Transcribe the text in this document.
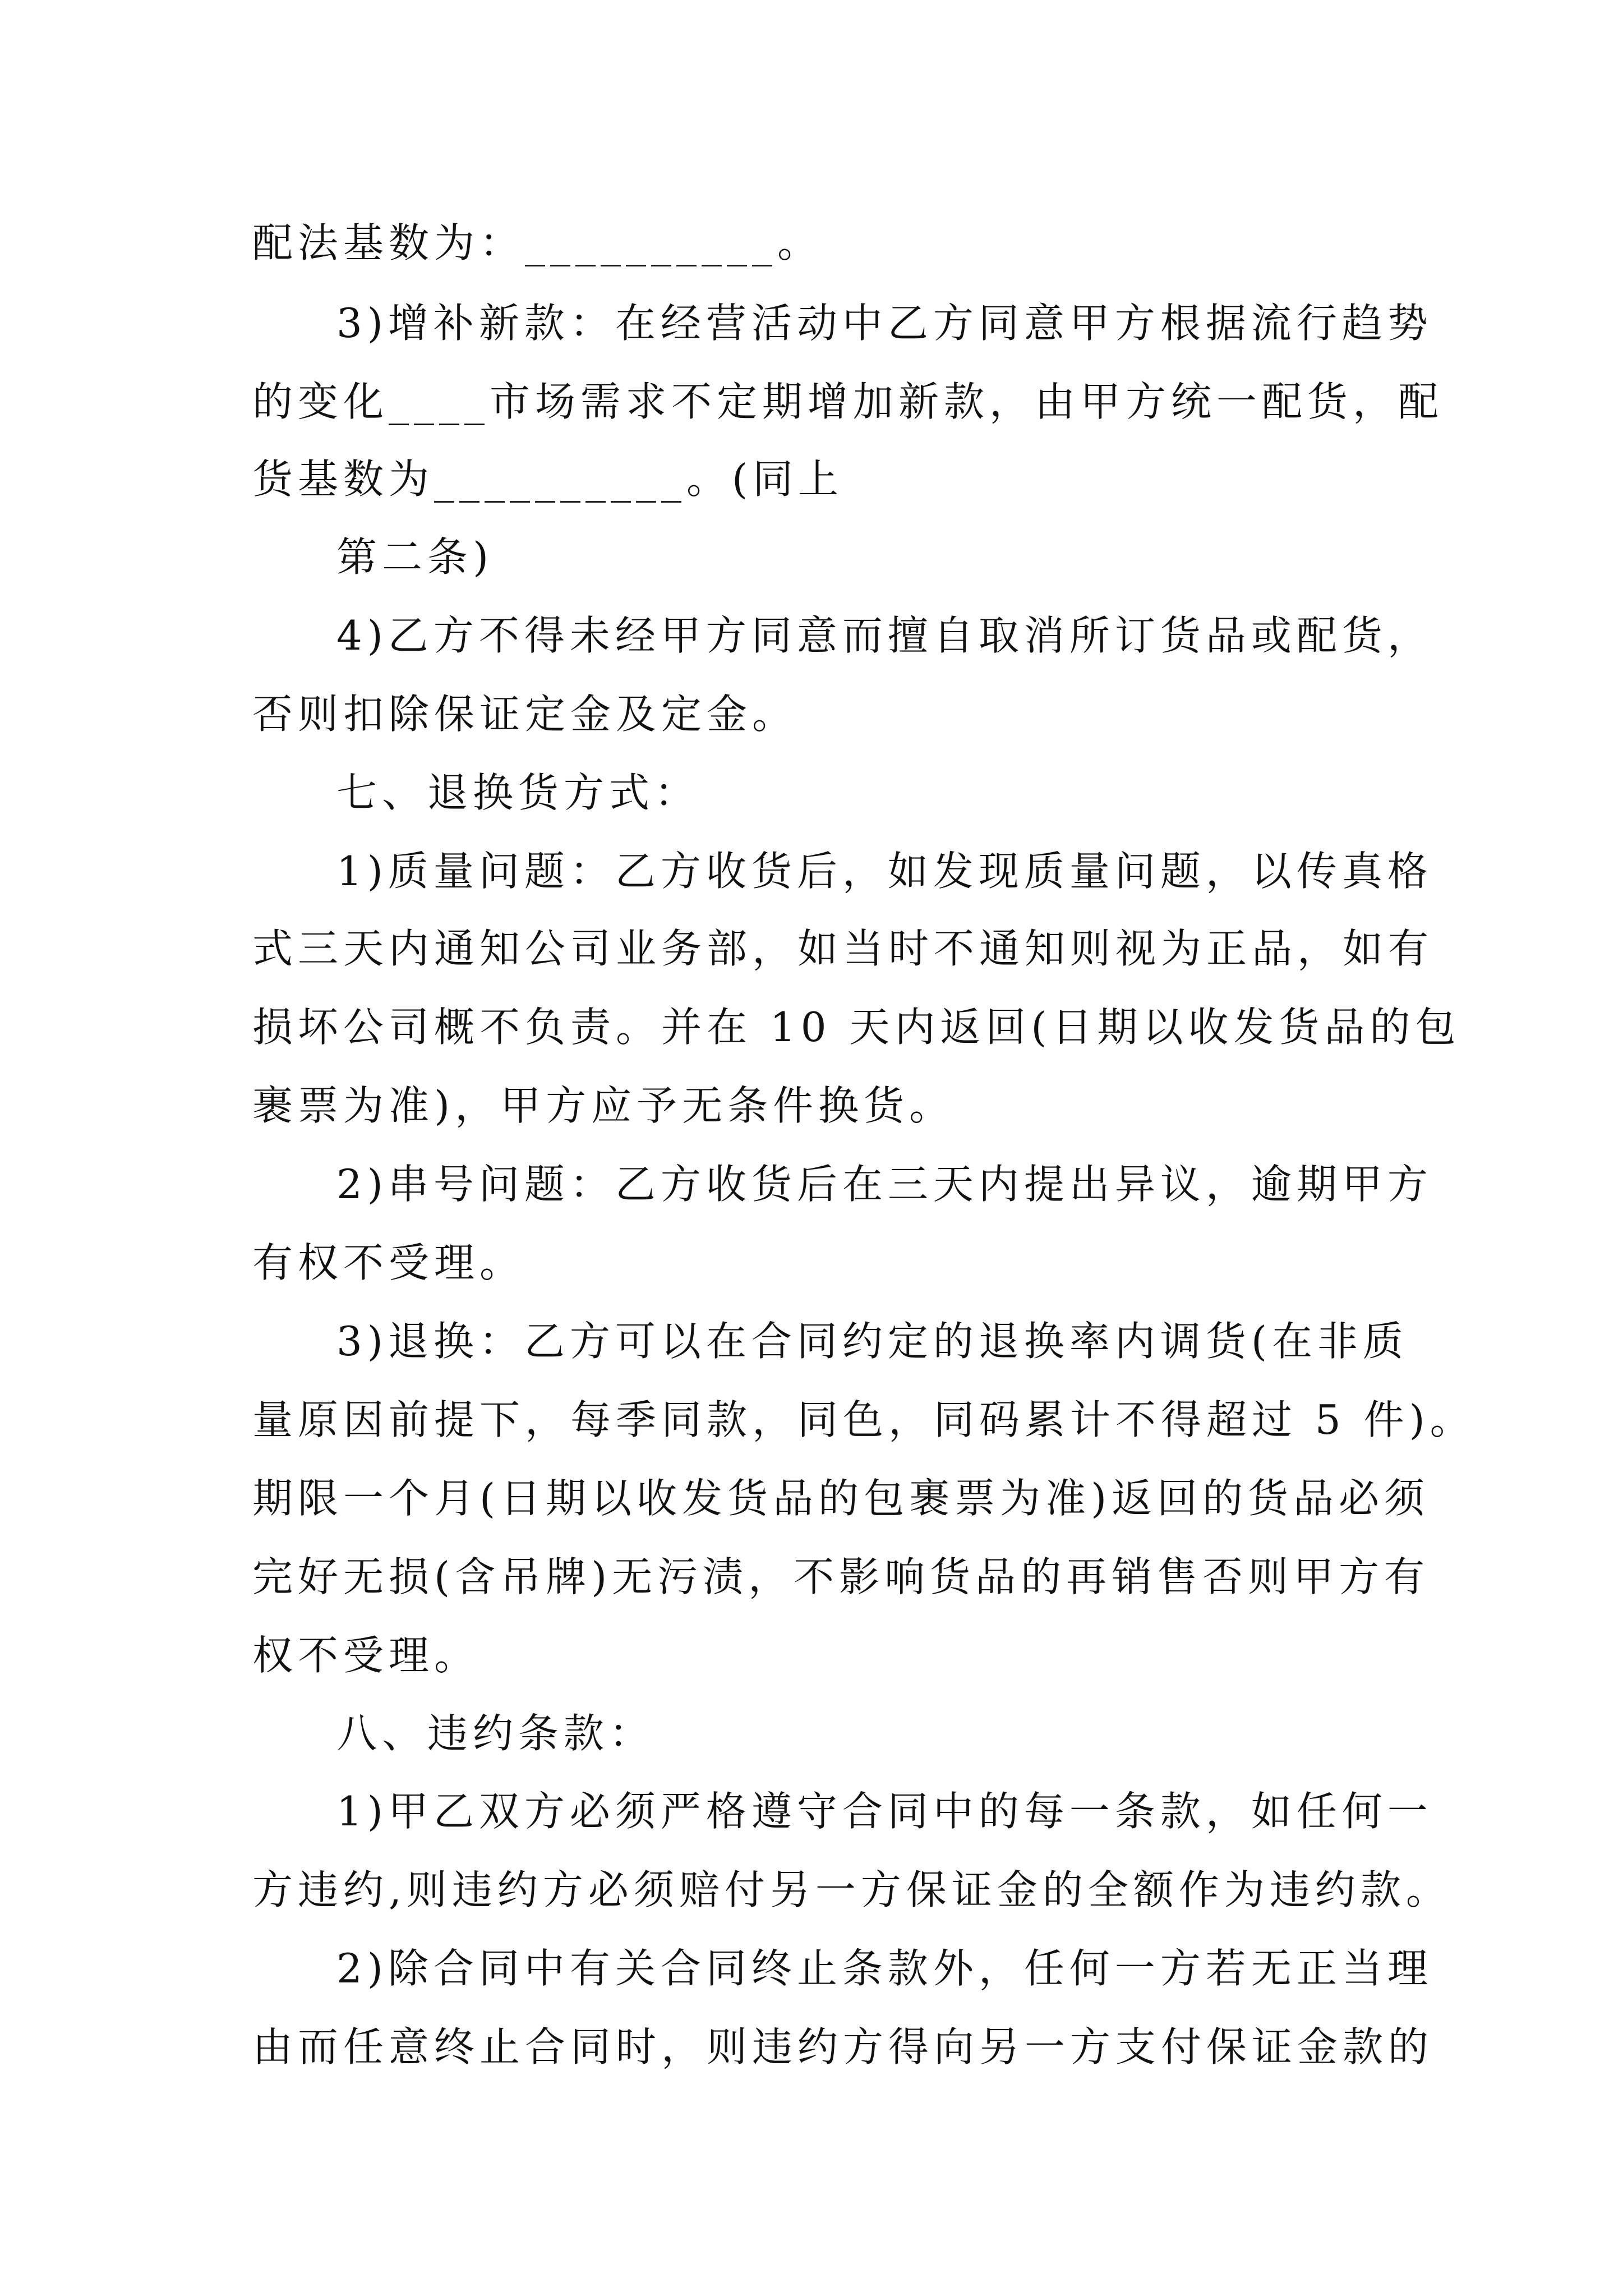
配法基数为：__________。
3)增补新款：在经营活动中乙方同意甲方根据流行趋势
的变化____市场需求不定期增加新款，由甲方统一配货，配
货基数为__________。(同上
第二条)
4)乙方不得未经甲方同意而擅自取消所订货品或配货，
否则扣除保证定金及定金。
七、退换货方式：
1)质量问题：乙方收货后，如发现质量问题，以传真格
式三天内通知公司业务部，如当时不通知则视为正品，如有
损坏公司概不负责。并在 10 天内返回(日期以收发货品的包
裹票为准)，甲方应予无条件换货。
2)串号问题：乙方收货后在三天内提出异议，逾期甲方
有权不受理。
3)退换：乙方可以在合同约定的退换率内调货(在非质
量原因前提下，每季同款，同色，同码累计不得超过 5 件)。
期限一个月(日期以收发货品的包裹票为准)返回的货品必须
完好无损(含吊牌)无污渍，不影响货品的再销售否则甲方有
权不受理。
八、违约条款：
1)甲乙双方必须严格遵守合同中的每一条款，如任何一
方违约,则违约方必须赔付另一方保证金的全额作为违约款。
2)除合同中有关合同终止条款外，任何一方若无正当理
由而任意终止合同时，则违约方得向另一方支付保证金款的
